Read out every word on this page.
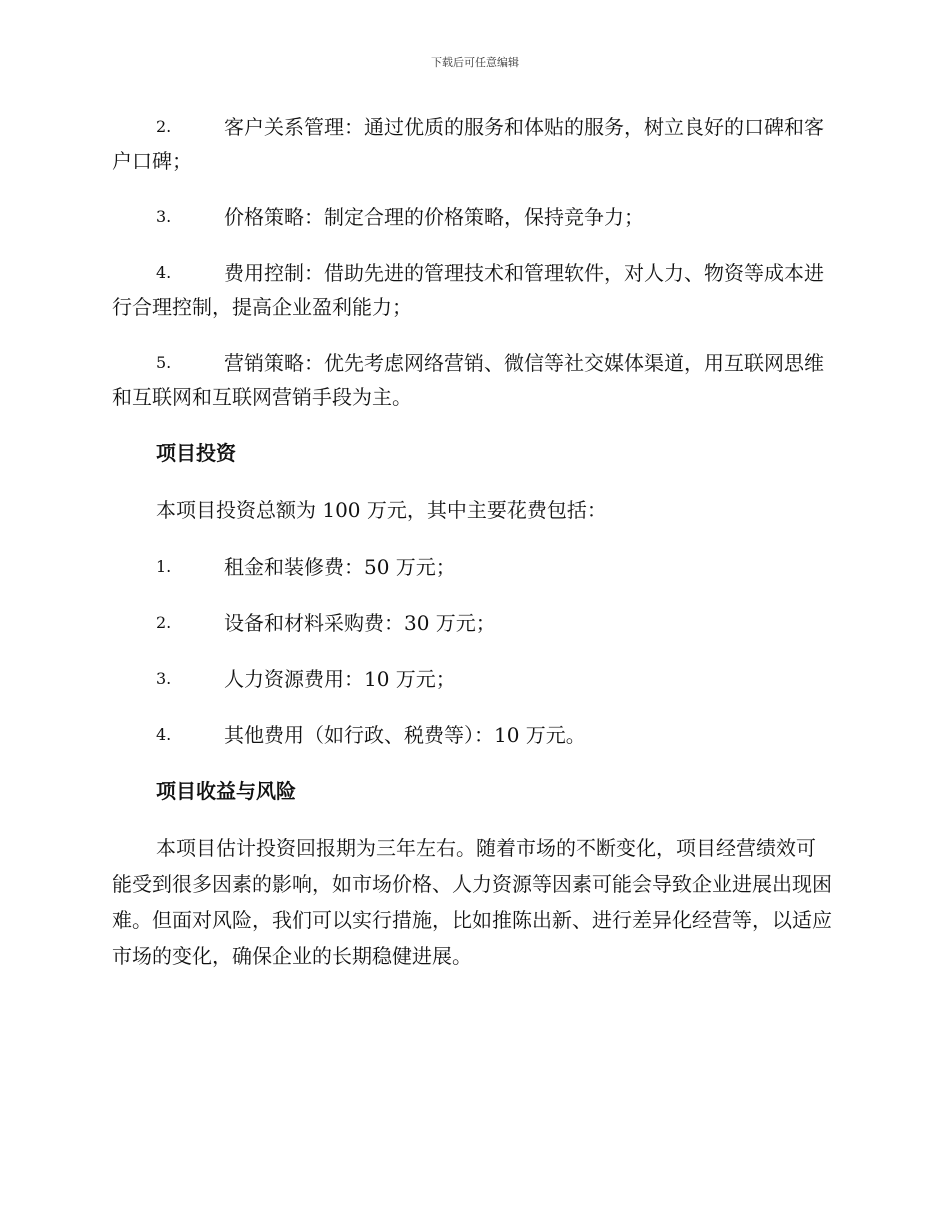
下载后可任意编辑
2.	客户关系管理：通过优质的服务和体贴的服务，树立良好的口碑和客户口碑；
3.	价格策略：制定合理的价格策略，保持竞争力；
4.	费用控制：借助先进的管理技术和管理软件，对人力、物资等成本进行合理控制，提高企业盈利能力；
5.	营销策略：优先考虑网络营销、微信等社交媒体渠道，用互联网思维和互联网和互联网营销手段为主。
项目投资
本项目投资总额为 100 万元，其中主要花费包括：
1.	租金和装修费：50 万元；
2.	设备和材料采购费：30 万元；
3.	人力资源费用：10 万元；
4.	其他费用（如行政、税费等）：10 万元。
项目收益与风险
本项目估计投资回报期为三年左右。随着市场的不断变化，项目经营绩效可能受到很多因素的影响，如市场价格、人力资源等因素可能会导致企业进展出现困难。但面对风险，我们可以实行措施，比如推陈出新、进行差异化经营等，以适应市场的变化，确保企业的长期稳健进展。
